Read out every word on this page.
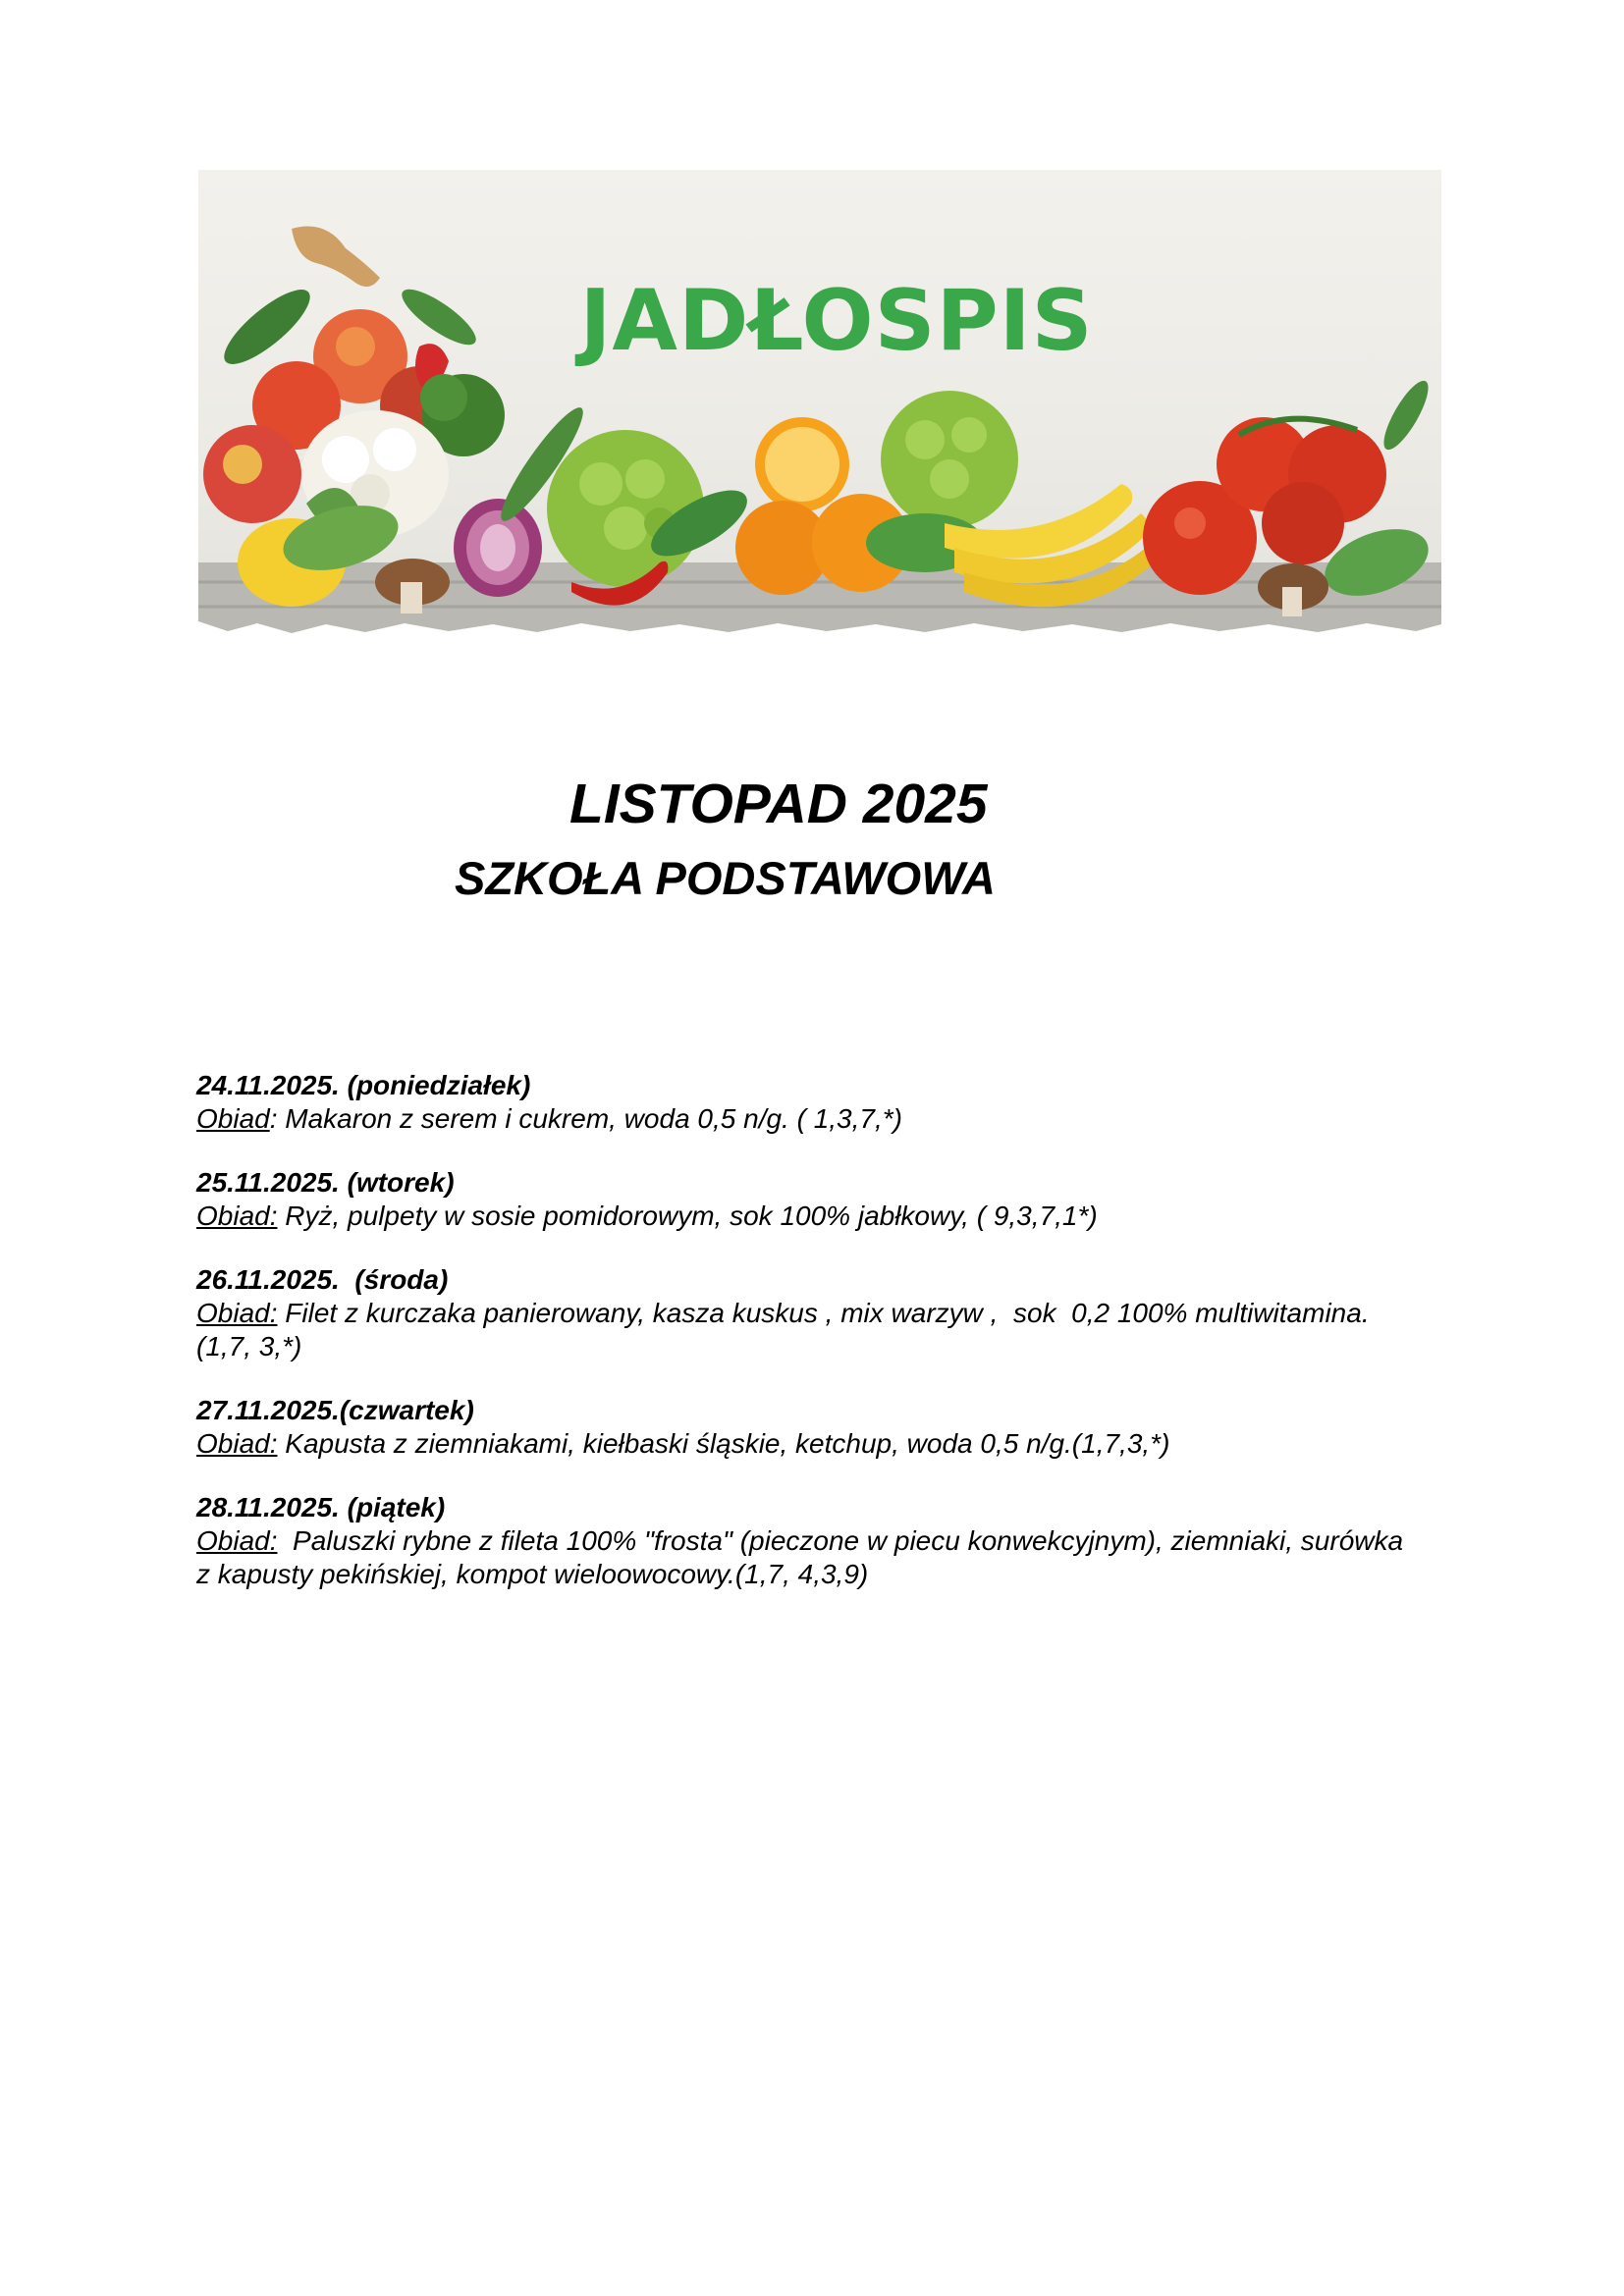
JADŁOSPIS
LISTOPAD 2025
SZKOŁA PODSTAWOWA
24.11.2025. (poniedziałek)
Obiad: Makaron z serem i cukrem, woda 0,5 n/g. ( 1,3,7,*)
25.11.2025. (wtorek)
Obiad: Ryż, pulpety w sosie pomidorowym, sok 100% jabłkowy, ( 9,3,7,1*)
26.11.2025.  (środa)
Obiad: Filet z kurczaka panierowany, kasza kuskus , mix warzyw ,  sok  0,2 100% multiwitamina.(1,7, 3,*)
27.11.2025.(czwartek)
Obiad: Kapusta z ziemniakami, kiełbaski śląskie, ketchup, woda 0,5 n/g.(1,7,3,*)
28.11.2025. (piątek)
Obiad:  Paluszki rybne z fileta 100% "frosta" (pieczone w piecu konwekcyjnym), ziemniaki, surówka z kapusty pekińskiej, kompot wieloowocowy.(1,7, 4,3,9)
